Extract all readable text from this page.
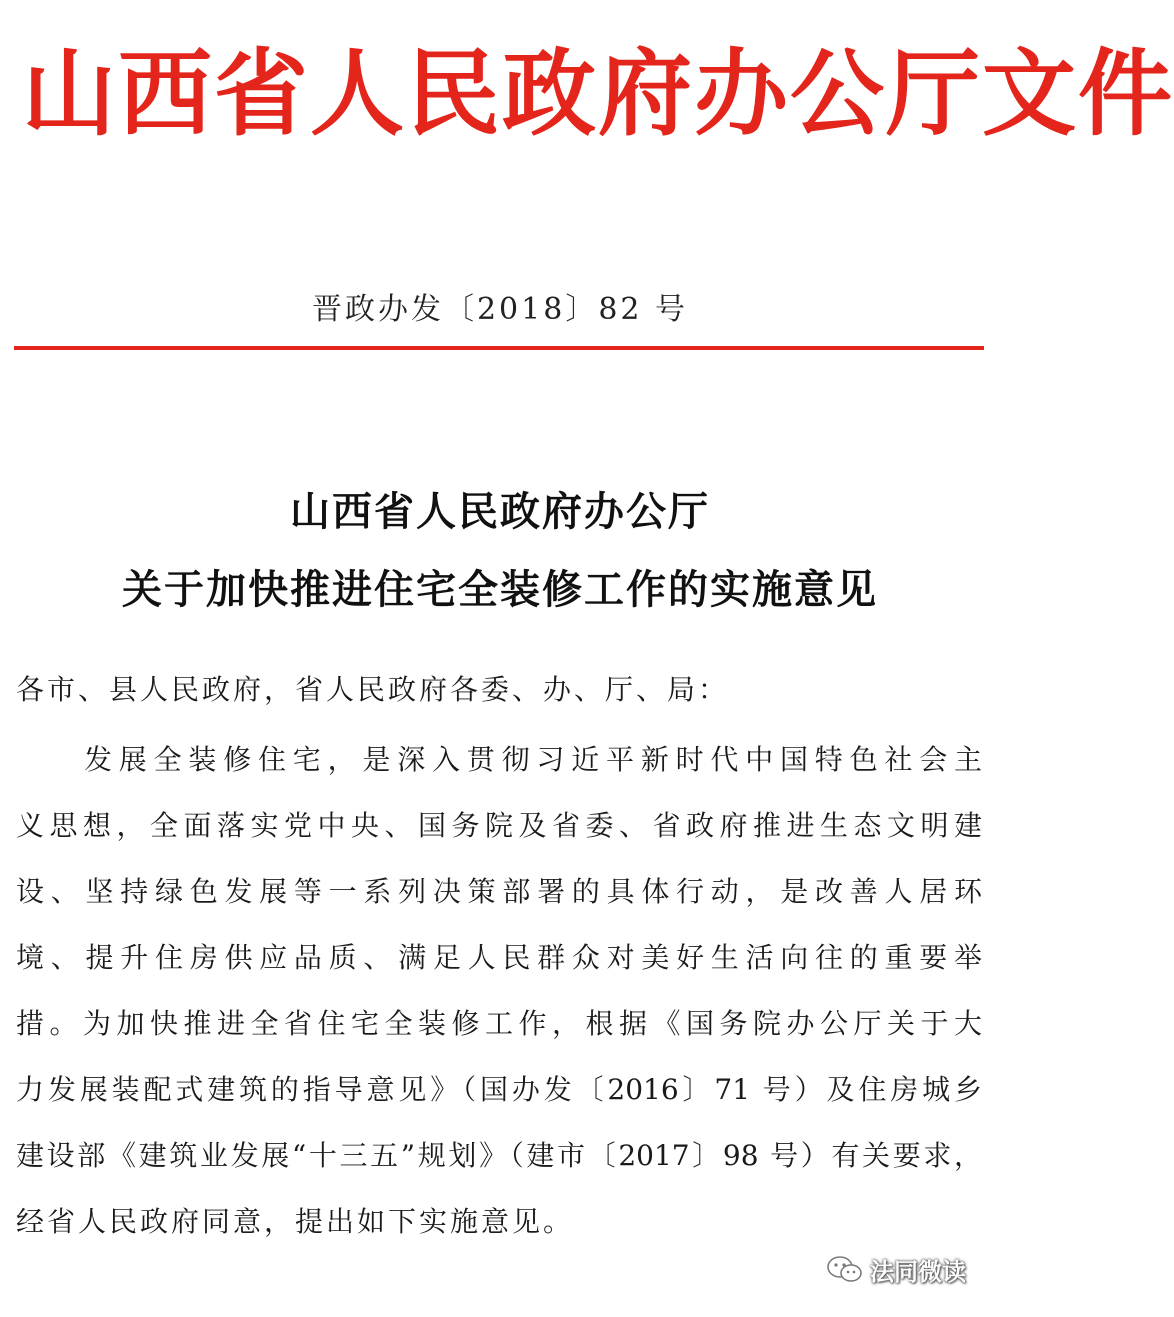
山西省人民政府办公厅文件
晋政办发〔2018〕82 号
山西省人民政府办公厅
关于加快推进住宅全装修工作的实施意见
各市、县人民政府，省人民政府各委、办、厅、局：
发展全装修住宅，是深入贯彻习近平新时代中国特色社会主
义思想，全面落实党中央、国务院及省委、省政府推进生态文明建
设、坚持绿色发展等一系列决策部署的具体行动，是改善人居环
境、提升住房供应品质、满足人民群众对美好生活向往的重要举
措。为加快推进全省住宅全装修工作，根据《国务院办公厅关于大
力发展装配式建筑的指导意见》（国办发〔2016〕71 号）及住房城乡
建设部《建筑业发展“十三五”规划》（建市〔2017〕98 号）有关要求，
经省人民政府同意，提出如下实施意见。
法同微读
